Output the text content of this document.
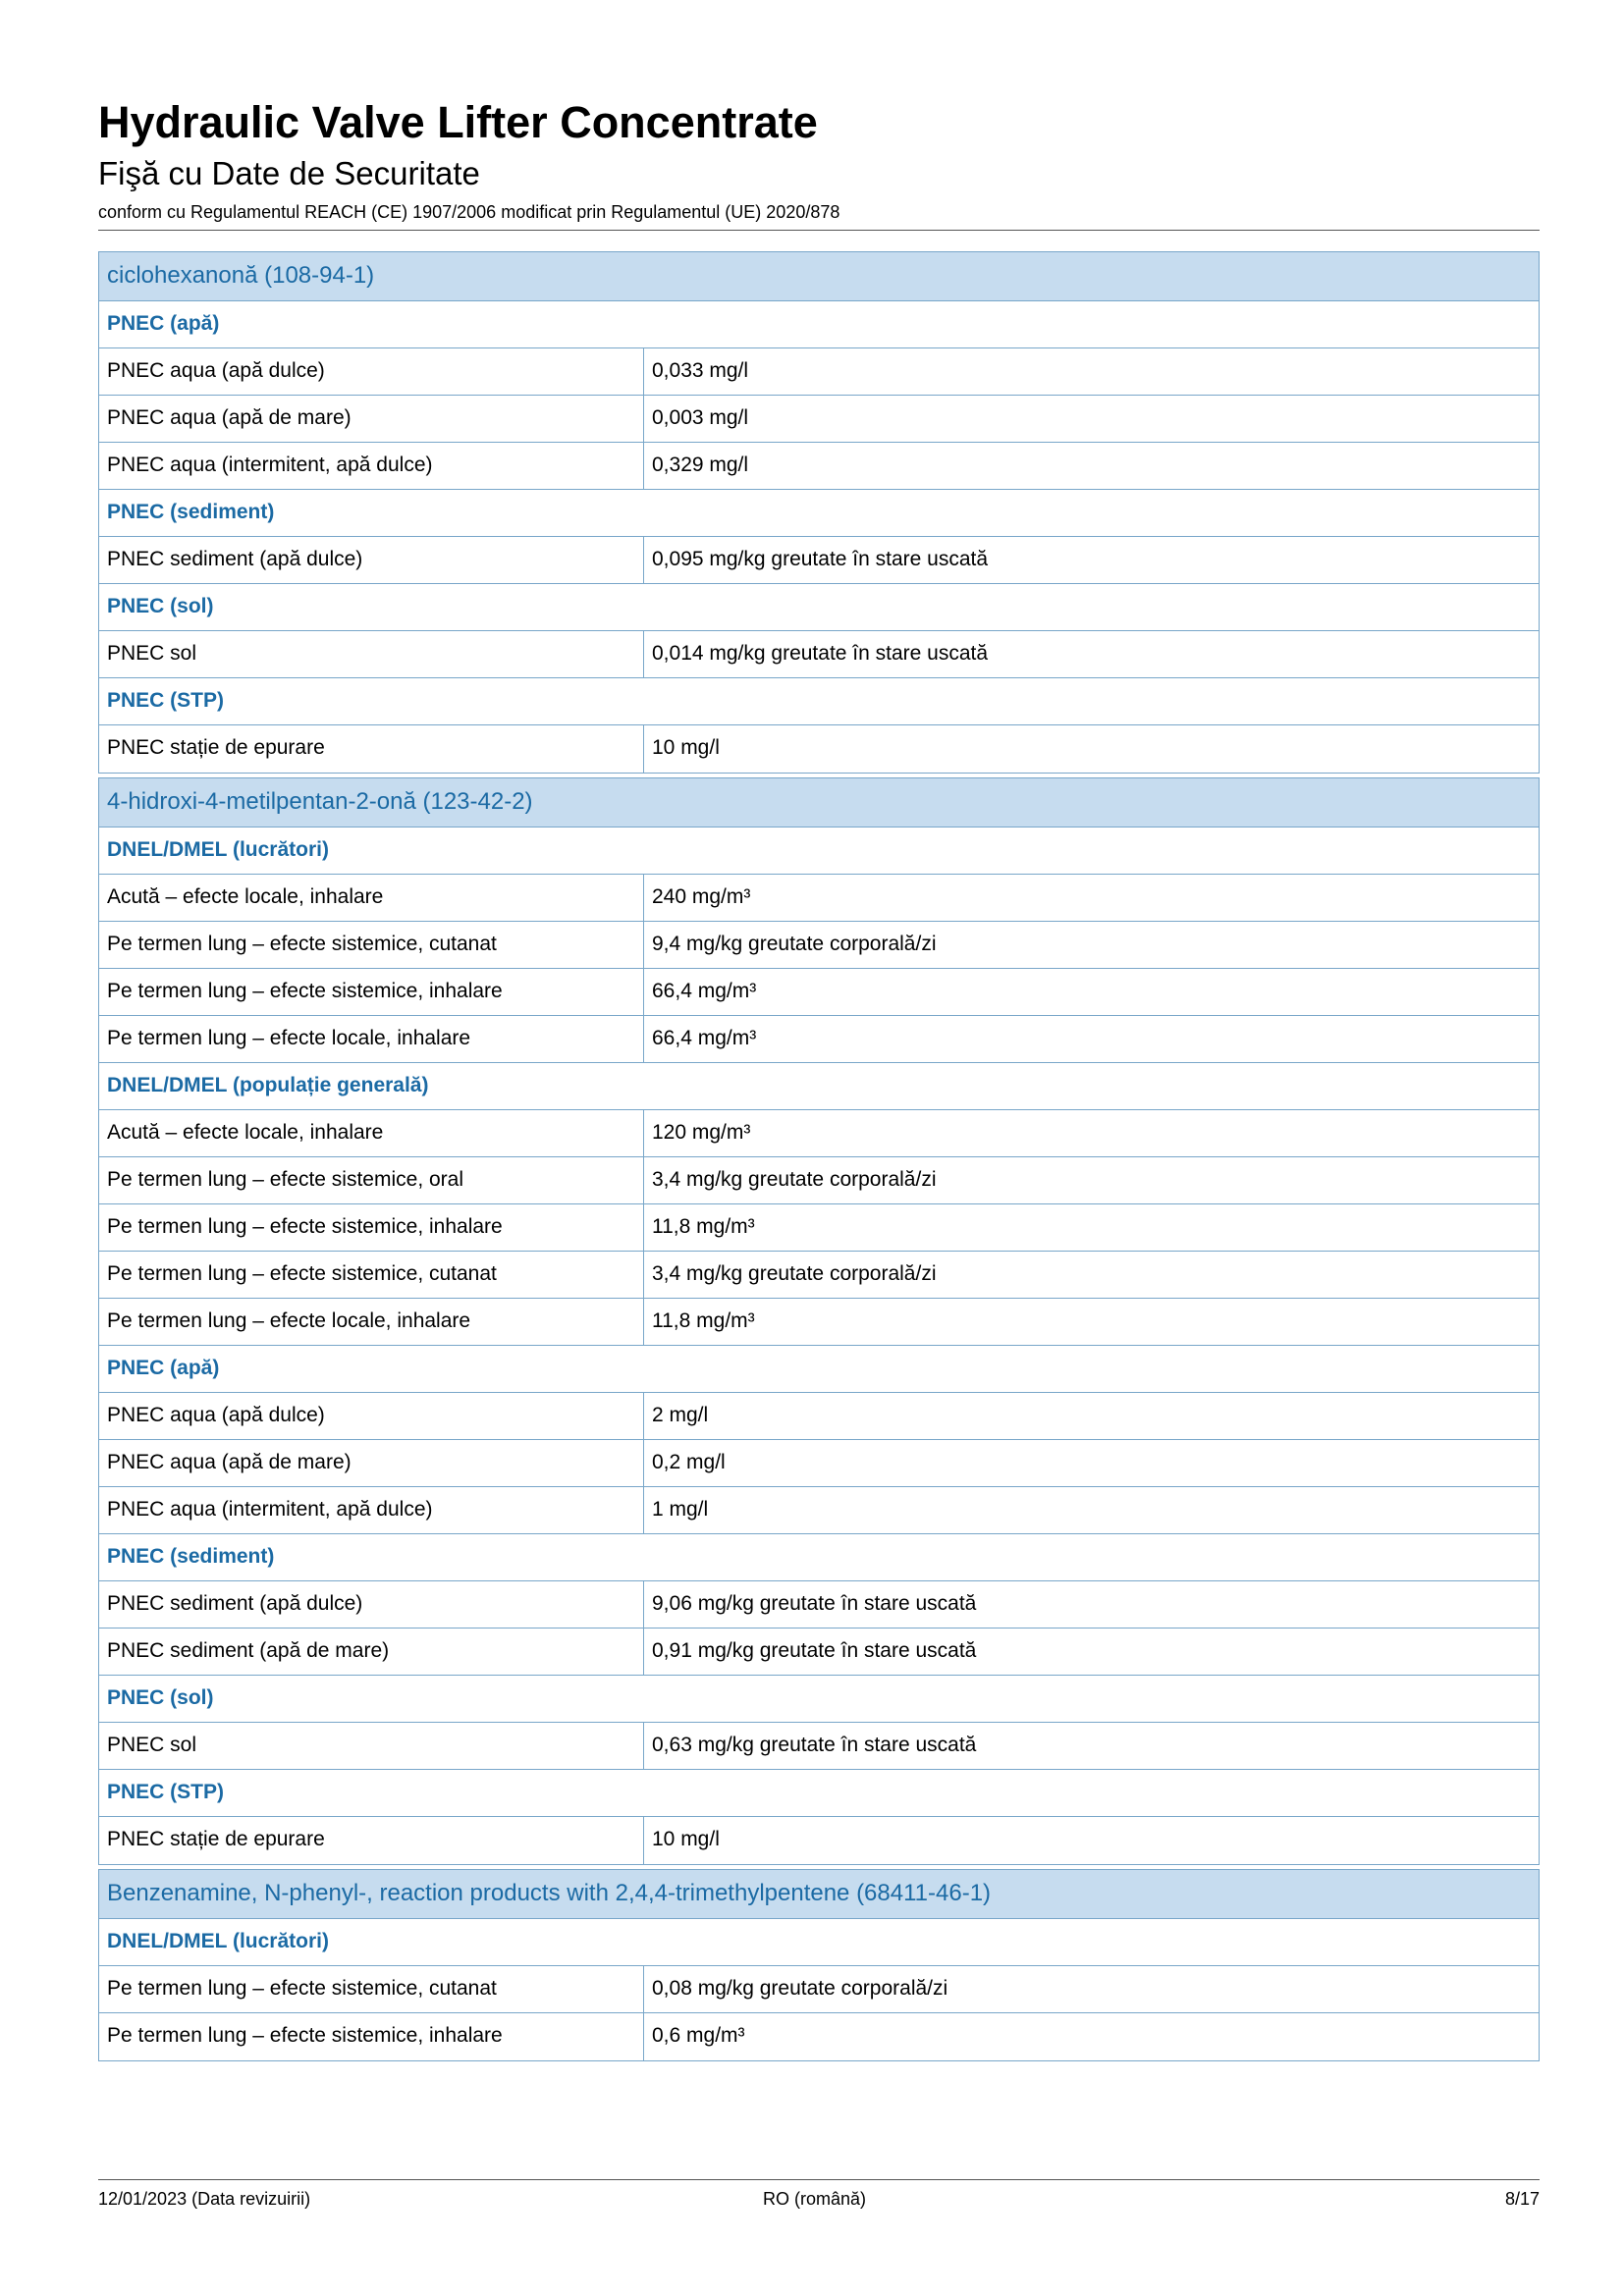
Hydraulic Valve Lifter Concentrate
Fişă cu Date de Securitate
conform cu Regulamentul REACH (CE) 1907/2006 modificat prin Regulamentul (UE) 2020/878
ciclohexanonă (108-94-1)
PNEC (apă)
PNEC aqua (apă dulce)	0,033 mg/l
PNEC aqua (apă de mare)	0,003 mg/l
PNEC aqua (intermitent, apă dulce)	0,329 mg/l
PNEC (sediment)
PNEC sediment (apă dulce)	0,095 mg/kg greutate în stare uscată
PNEC (sol)
PNEC sol	0,014 mg/kg greutate în stare uscată
PNEC (STP)
PNEC stație de epurare	10 mg/l
4-hidroxi-4-metilpentan-2-onă (123-42-2)
DNEL/DMEL (lucrători)
Acută – efecte locale, inhalare	240 mg/m³
Pe termen lung – efecte sistemice, cutanat	9,4 mg/kg greutate corporală/zi
Pe termen lung – efecte sistemice, inhalare	66,4 mg/m³
Pe termen lung – efecte locale, inhalare	66,4 mg/m³
DNEL/DMEL (populație generală)
Acută – efecte locale, inhalare	120 mg/m³
Pe termen lung – efecte sistemice, oral	3,4 mg/kg greutate corporală/zi
Pe termen lung – efecte sistemice, inhalare	11,8 mg/m³
Pe termen lung – efecte sistemice, cutanat	3,4 mg/kg greutate corporală/zi
Pe termen lung – efecte locale, inhalare	11,8 mg/m³
PNEC (apă)
PNEC aqua (apă dulce)	2 mg/l
PNEC aqua (apă de mare)	0,2 mg/l
PNEC aqua (intermitent, apă dulce)	1 mg/l
PNEC (sediment)
PNEC sediment (apă dulce)	9,06 mg/kg greutate în stare uscată
PNEC sediment (apă de mare)	0,91 mg/kg greutate în stare uscată
PNEC (sol)
PNEC sol	0,63 mg/kg greutate în stare uscată
PNEC (STP)
PNEC stație de epurare	10 mg/l
Benzenamine, N-phenyl-, reaction products with 2,4,4-trimethylpentene (68411-46-1)
DNEL/DMEL (lucrători)
Pe termen lung – efecte sistemice, cutanat	0,08 mg/kg greutate corporală/zi
Pe termen lung – efecte sistemice, inhalare	0,6 mg/m³
12/01/2023 (Data revizuirii)	RO (română)	8/17
